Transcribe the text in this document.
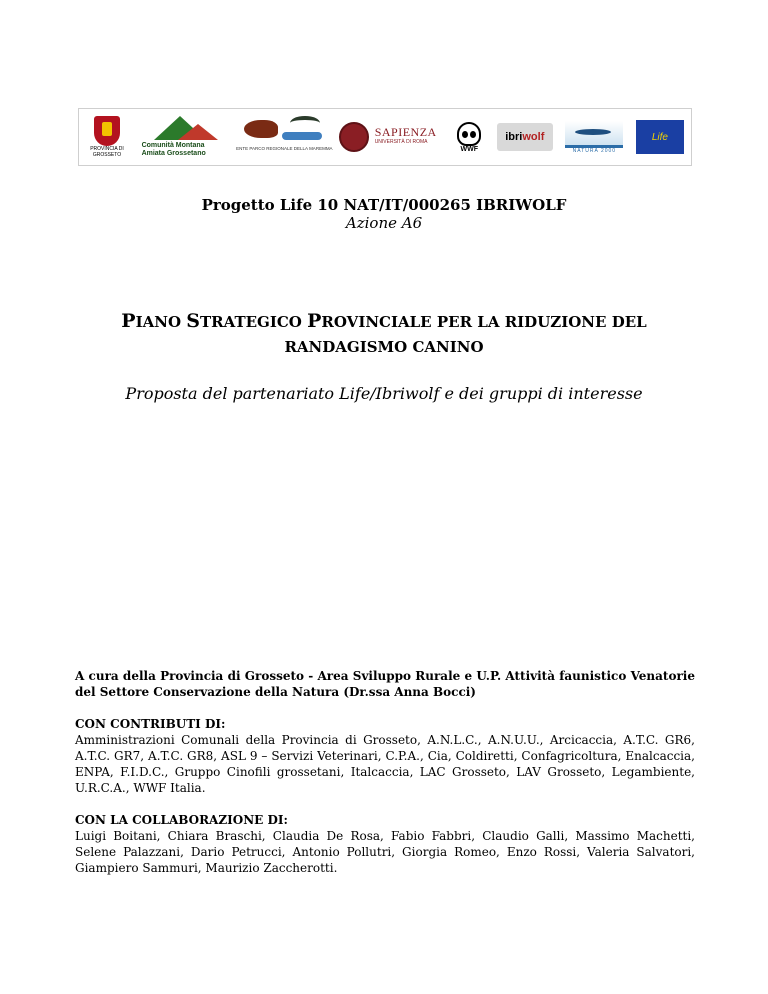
PROVINCIA DI GROSSETO
Comunità Montana Amiata Grossetano
ENTE PARCO REGIONALE DELLA MAREMMA
SAPIENZA
UNIVERSITÀ DI ROMA
WWF
ibri wolf
NATURA 2000
Life
Progetto Life 10 NAT/IT/000265 IBRIWOLF
Azione A6
PIANO STRATEGICO PROVINCIALE PER LA RIDUZIONE DEL
RANDAGISMO CANINO
Proposta del partenariato Life/Ibriwolf e dei gruppi di interesse
A cura della Provincia di Grosseto - Area Sviluppo Rurale e U.P. Attività faunistico Venatorie del Settore Conservazione della Natura (Dr.ssa Anna Bocci)
CON CONTRIBUTI DI:
Amministrazioni Comunali della Provincia di Grosseto, A.N.L.C., A.N.U.U., Arcicaccia, A.T.C. GR6, A.T.C. GR7, A.T.C. GR8, ASL 9 – Servizi Veterinari, C.P.A., Cia, Coldiretti, Confagricoltura, Enalcaccia, ENPA, F.I.D.C., Gruppo Cinofili grossetani, Italcaccia, LAC Grosseto, LAV Grosseto, Legambiente, U.R.C.A., WWF Italia.
CON LA COLLABORAZIONE DI:
Luigi Boitani, Chiara Braschi, Claudia De Rosa, Fabio Fabbri, Claudio Galli, Massimo Machetti, Selene Palazzani, Dario Petrucci, Antonio Pollutri, Giorgia Romeo, Enzo Rossi, Valeria Salvatori, Giampiero Sammuri, Maurizio Zaccherotti.
